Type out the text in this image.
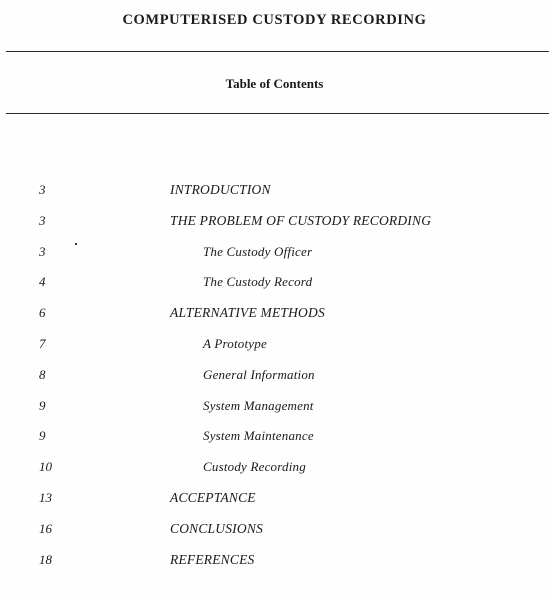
COMPUTERISED CUSTODY RECORDING
Table of Contents
3	INTRODUCTION
3	THE PROBLEM OF CUSTODY RECORDING
3	The Custody Officer
4	The Custody Record
6	ALTERNATIVE METHODS
7	A Prototype
8	General Information
9	System Management
9	System Maintenance
10	Custody Recording
13	ACCEPTANCE
16	CONCLUSIONS
18	REFERENCES
